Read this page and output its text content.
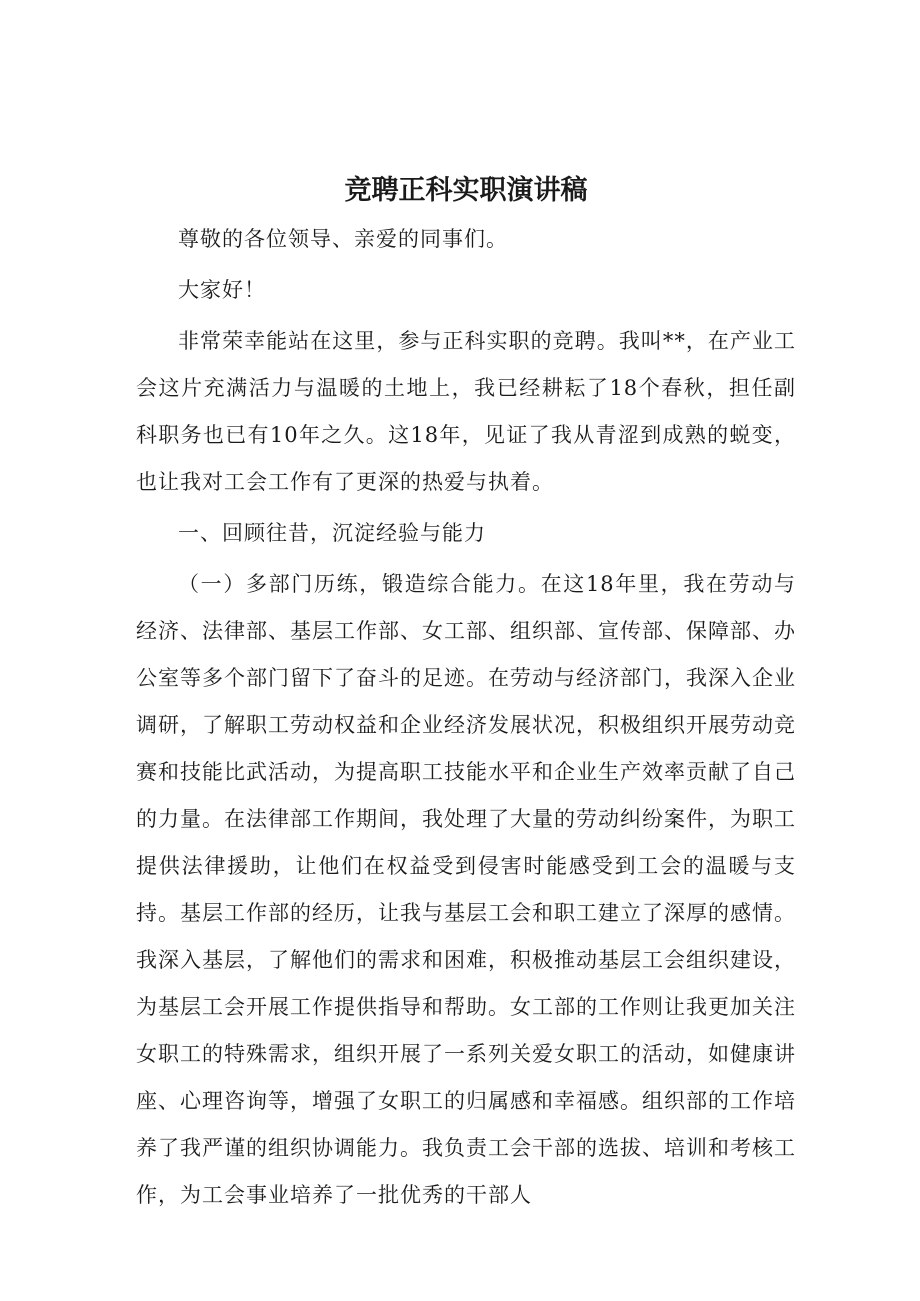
竞聘正科实职演讲稿

尊敬的各位领导、亲爱的同事们。

大家好！

非常荣幸能站在这里，参与正科实职的竞聘。我叫**，在产业工会这片充满活力与温暖的土地上，我已经耕耘了18个春秋，担任副科职务也已有10年之久。这18年，见证了我从青涩到成熟的蜕变，也让我对工会工作有了更深的热爱与执着。

一、回顾往昔，沉淀经验与能力

（一）多部门历练，锻造综合能力。在这18年里，我在劳动与经济、法律部、基层工作部、女工部、组织部、宣传部、保障部、办公室等多个部门留下了奋斗的足迹。在劳动与经济部门，我深入企业调研，了解职工劳动权益和企业经济发展状况，积极组织开展劳动竞赛和技能比武活动，为提高职工技能水平和企业生产效率贡献了自己的力量。在法律部工作期间，我处理了大量的劳动纠纷案件，为职工提供法律援助，让他们在权益受到侵害时能感受到工会的温暖与支持。基层工作部的经历，让我与基层工会和职工建立了深厚的感情。我深入基层，了解他们的需求和困难，积极推动基层工会组织建设，为基层工会开展工作提供指导和帮助。女工部的工作则让我更加关注女职工的特殊需求，组织开展了一系列关爱女职工的活动，如健康讲座、心理咨询等，增强了女职工的归属感和幸福感。组织部的工作培养了我严谨的组织协调能力。我负责工会干部的选拔、培训和考核工作，为工会事业培养了一批优秀的干部人
